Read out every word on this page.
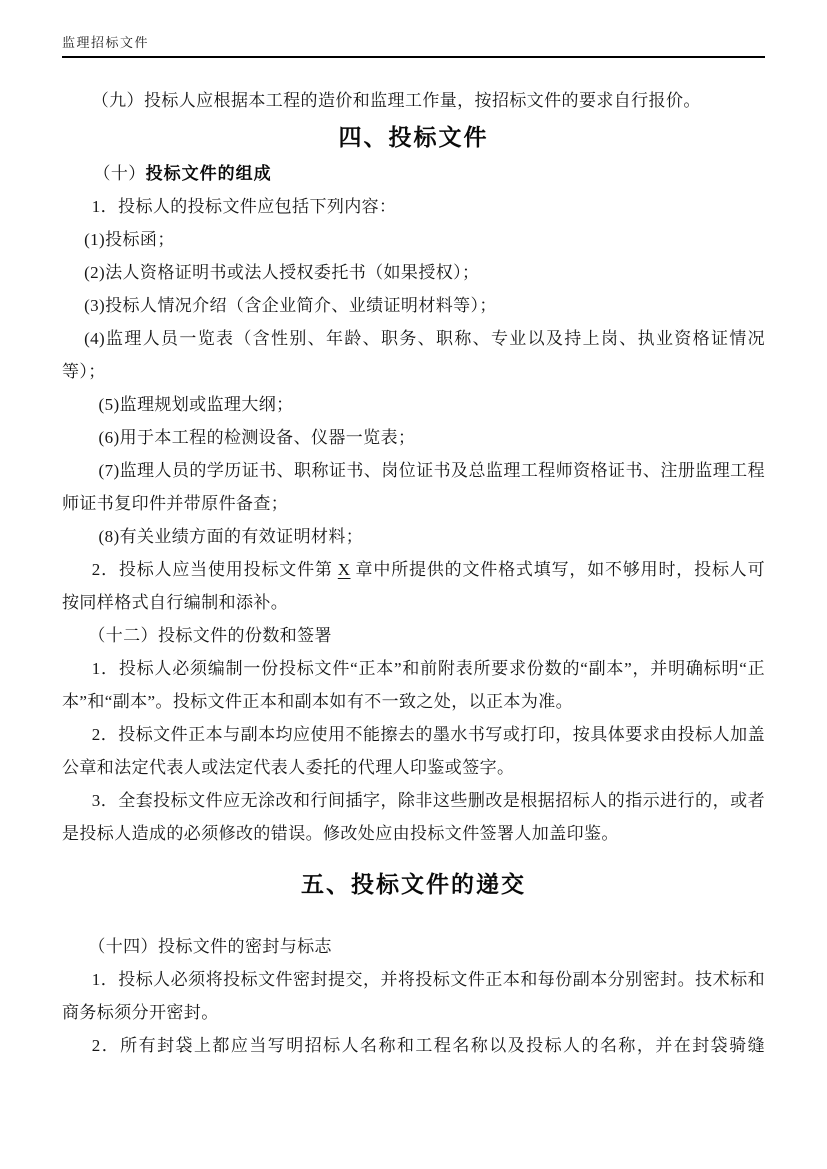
监理招标文件

（九）投标人应根据本工程的造价和监理工作量，按招标文件的要求自行报价。

四、投标文件

（十）投标文件的组成

1．投标人的投标文件应包括下列内容：

(1)投标函；

(2)法人资格证明书或法人授权委托书（如果授权）；

(3)投标人情况介绍（含企业简介、业绩证明材料等）；

(4)监理人员一览表（含性别、年龄、职务、职称、专业以及持上岗、执业资格证情况等）；

(5)监理规划或监理大纲；

(6)用于本工程的检测设备、仪器一览表；

(7)监理人员的学历证书、职称证书、岗位证书及总监理工程师资格证书、注册监理工程师证书复印件并带原件备查；

(8)有关业绩方面的有效证明材料；

2．投标人应当使用投标文件第 X 章中所提供的文件格式填写，如不够用时，投标人可按同样格式自行编制和添补。

（十二）投标文件的份数和签署

1．投标人必须编制一份投标文件“正本”和前附表所要求份数的“副本”，并明确标明“正本”和“副本”。投标文件正本和副本如有不一致之处，以正本为准。

2．投标文件正本与副本均应使用不能擦去的墨水书写或打印，按具体要求由投标人加盖公章和法定代表人或法定代表人委托的代理人印鉴或签字。

3．全套投标文件应无涂改和行间插字，除非这些删改是根据招标人的指示进行的，或者是投标人造成的必须修改的错误。修改处应由投标文件签署人加盖印鉴。

五、投标文件的递交

（十四）投标文件的密封与标志

1．投标人必须将投标文件密封提交，并将投标文件正本和每份副本分别密封。技术标和商务标须分开密封。

2．所有封袋上都应当写明招标人名称和工程名称以及投标人的名称，并在封袋骑缝
